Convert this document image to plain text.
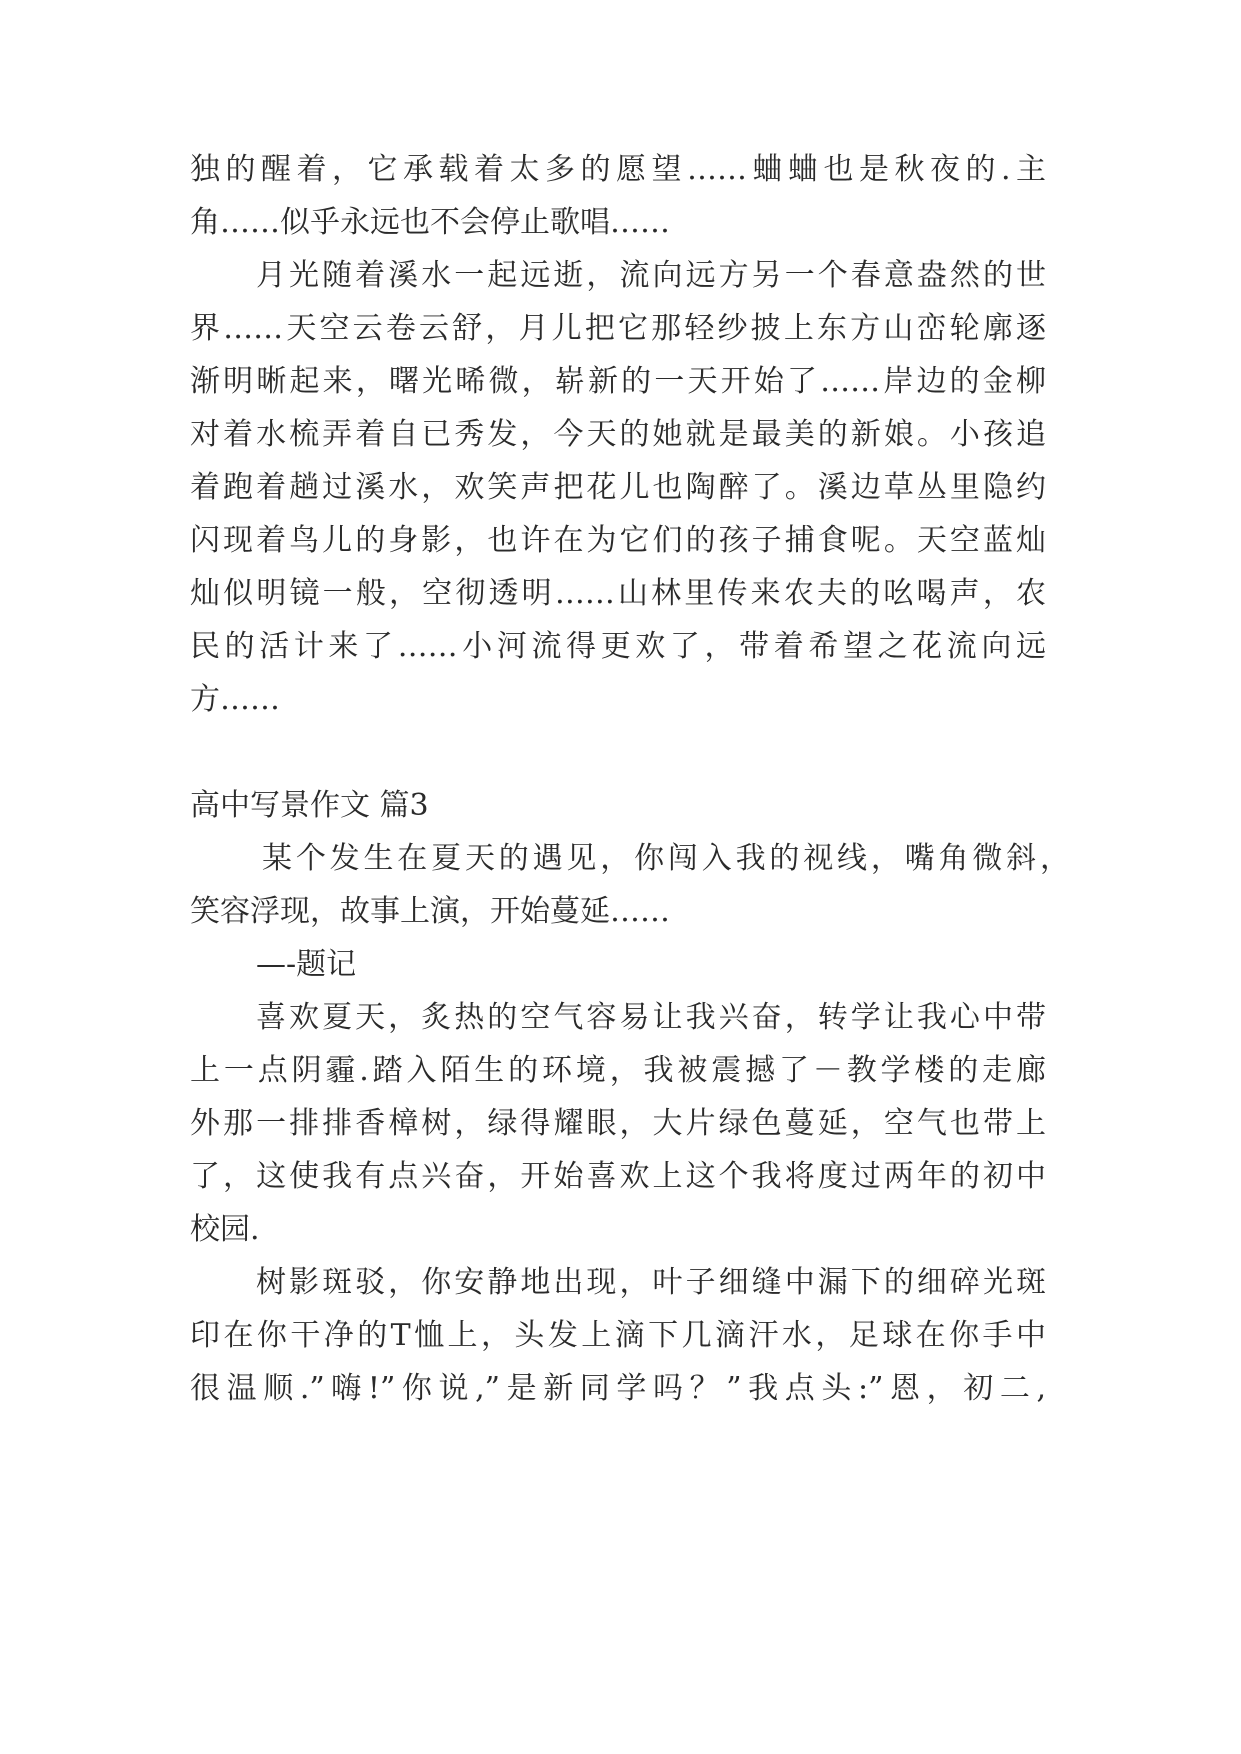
独的醒着，它承载着太多的愿望……蛐蛐也是秋夜的.主
角……似乎永远也不会停止歌唱……
月光随着溪水一起远逝，流向远方另一个春意盎然的世
界……天空云卷云舒，月儿把它那轻纱披上东方山峦轮廓逐
渐明晰起来，曙光晞微，崭新的一天开始了……岸边的金柳
对着水梳弄着自已秀发，今天的她就是最美的新娘。小孩追
着跑着趟过溪水，欢笑声把花儿也陶醉了。溪边草丛里隐约
闪现着鸟儿的身影，也许在为它们的孩子捕食呢。天空蓝灿
灿似明镜一般，空彻透明……山林里传来农夫的吆喝声，农
民的活计来了……小河流得更欢了，带着希望之花流向远
方……
高中写景作文 篇3
某个发生在夏天的遇见，你闯入我的视线，嘴角微斜，
笑容浮现，故事上演，开始蔓延……
—-题记
喜欢夏天，炙热的空气容易让我兴奋，转学让我心中带
上一点阴霾.踏入陌生的环境，我被震撼了－教学楼的走廊
外那一排排香樟树，绿得耀眼，大片绿色蔓延，空气也带上
了，这使我有点兴奋，开始喜欢上这个我将度过两年的初中
校园.
树影斑驳，你安静地出现，叶子细缝中漏下的细碎光斑
印在你干净的T恤上，头发上滴下几滴汗水，足球在你手中
很温顺.”嗨!”你说,”是新同学吗？”我点头:”恩，初二,
